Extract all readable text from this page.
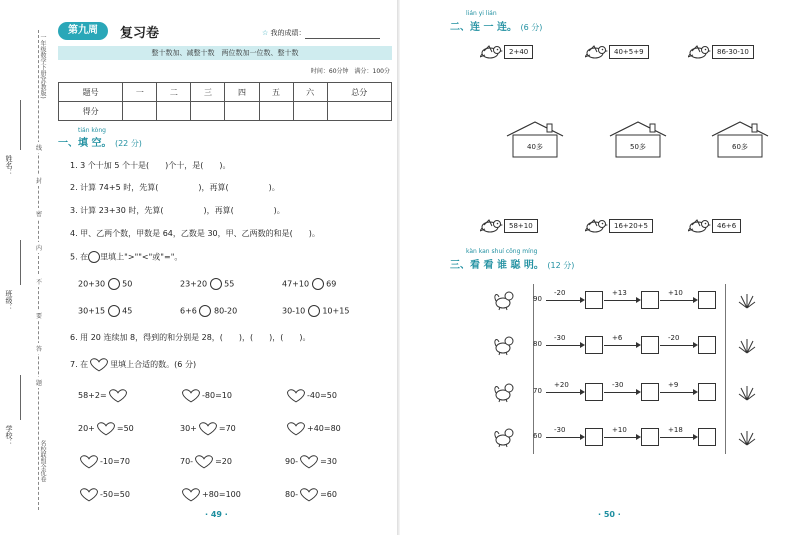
一年级数学下册(苏教版)
姓名：
班级：
学校：
线
封
密
内
不
要
答
题
名校联盟全优卷
第九周	复习卷	☆ 我的成绩：
整十数加、减整十数　两位数加一位数、整十数
时间：60分钟　满分：100分
题号	一	二	三	四	五	六	总分
得分							
tián kòng
一、填 空。 (22 分)
1. 3 个十加 5 个十是(　　)个十，是(　　)。
2. 计算 74+5 时，先算(　　　　　)，再算(　　　　　)。
3. 计算 23+30 时，先算(　　　　　)，再算(　　　　　)。
4. 甲、乙两个数，甲数是 64，乙数是 30，甲、乙两数的和是(　　)。
5. 在 里填上">""<"或"="。
20+30 50	23+20 55	47+10 69
30+15 45	6+6 80-20	30-10 10+15
6. 用 20 连续加 8，得到的和分别是 28，(　　)，(　　)，(　　)。
7. 在	里填上合适的数。(6 分)
58+2=	-80=10	-40=50
20+	=50	30+	=70	+40=80
-10=70	70-	=20	90-	=30
-50=50	+80=100	80-	=60
· 49 ·
lián yi lián
二、连 一 连。 (6 分)
2+40	40+5+9	86-30-10
40多	50多	60多
58+10	16+20+5	46+6
kàn kan shuí cōng míng
三、看 看 谁 聪 明。 (12 分)
90
-20	+13	+10
80
-30	+6	-20
70
+20	-30	+9
60
-30	+10	+18
· 50 ·
